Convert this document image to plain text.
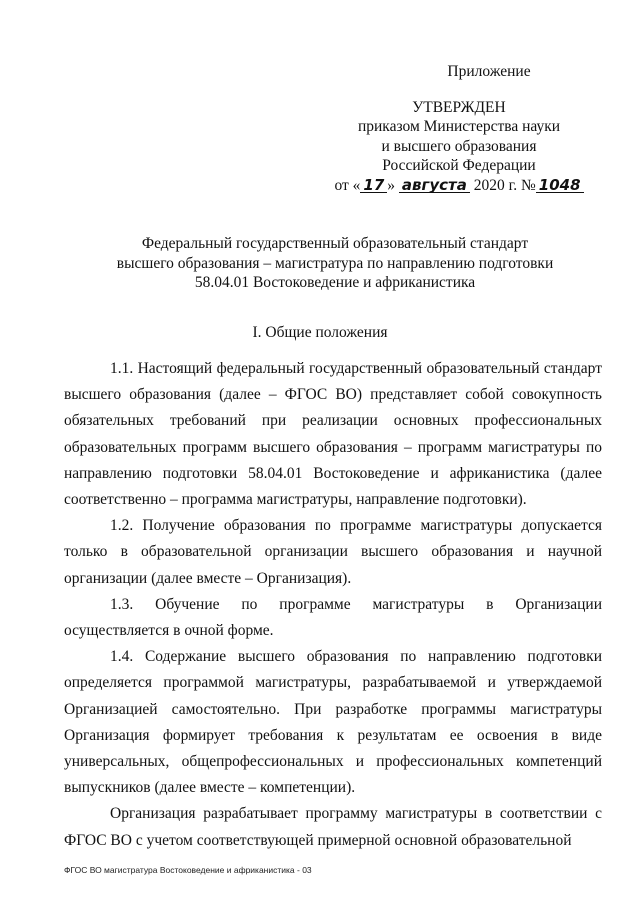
Приложение
УТВЕРЖДЕН
приказом Министерства науки
и высшего образования
Российской Федерации
от « 17 » августа 2020 г. № 1048
Федеральный государственный образовательный стандарт
высшего образования – магистратура по направлению подготовки
58.04.01 Востоковедение и африканистика
I. Общие положения

1.1. Настоящий федеральный государственный образовательный стандарт высшего образования (далее – ФГОС ВО) представляет собой совокупность обязательных требований при реализации основных профессиональных образовательных программ высшего образования – программ магистратуры по направлению подготовки 58.04.01 Востоковедение и африканистика (далее соответственно – программа магистратуры, направление подготовки).

1.2. Получение образования по программе магистратуры допускается только в образовательной организации высшего образования и научной организации (далее вместе – Организация).

1.3. Обучение по программе магистратуры в Организации осуществляется в очной форме.

1.4. Содержание высшего образования по направлению подготовки определяется программой магистратуры, разрабатываемой и утверждаемой Организацией самостоятельно. При разработке программы магистратуры Организация формирует требования к результатам ее освоения в виде универсальных, общепрофессиональных и профессиональных компетенций выпускников (далее вместе – компетенции).

Организация разрабатывает программу магистратуры в соответствии с ФГОС ВО с учетом соответствующей примерной основной образовательной

ФГОС ВО магистратура Востоковедение и африканистика - 03
